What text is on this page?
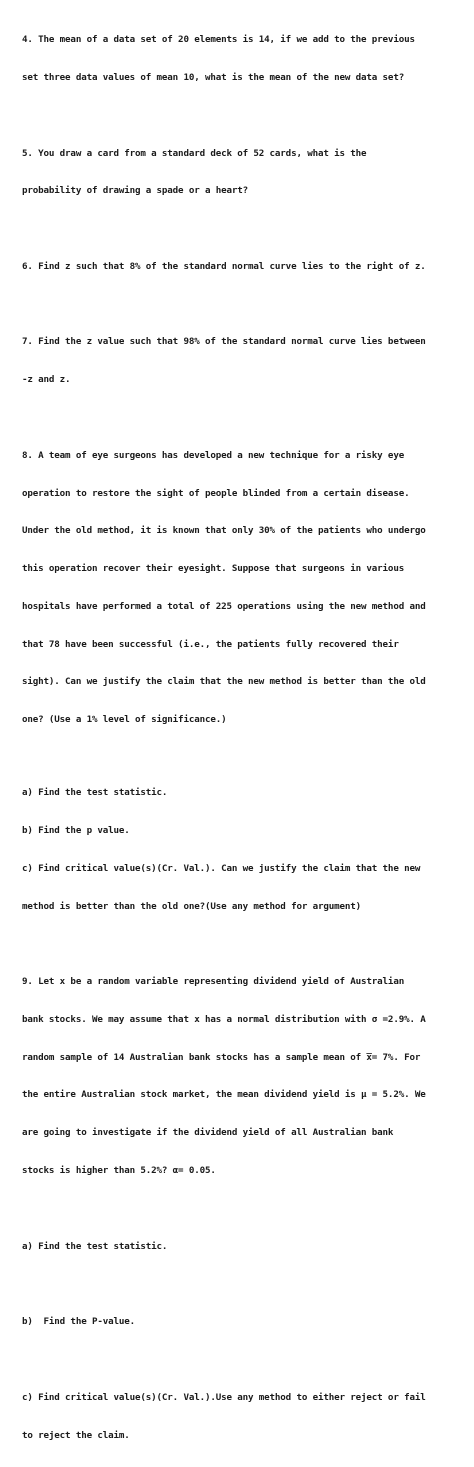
4. The mean of a data set of 20 elements is 14, if we add to the previous

set three data values of mean 10, what is the mean of the new data set?

5. You draw a card from a standard deck of 52 cards, what is the

probability of drawing a spade or a heart?

6. Find z such that 8% of the standard normal curve lies to the right of z.

7. Find the z value such that 98% of the standard normal curve lies between

-z and z.

8. A team of eye surgeons has developed a new technique for a risky eye

operation to restore the sight of people blinded from a certain disease.

Under the old method, it is known that only 30% of the patients who undergo

this operation recover their eyesight. Suppose that surgeons in various

hospitals have performed a total of 225 operations using the new method and

that 78 have been successful (i.e., the patients fully recovered their

sight). Can we justify the claim that the new method is better than the old

one? (Use a 1% level of significance.)

a) Find the test statistic.

b) Find the p value.

c) Find critical value(s)(Cr. Val.). Can we justify the claim that the new

method is better than the old one?(Use any method for argument)

9. Let x be a random variable representing dividend yield of Australian

bank stocks. We may assume that x has a normal distribution with σ =2.9%. A

random sample of 14 Australian bank stocks has a sample mean of x̅= 7%. For

the entire Australian stock market, the mean dividend yield is μ = 5.2%. We

are going to investigate if the dividend yield of all Australian bank

stocks is higher than 5.2%? α= 0.05.

a) Find the test statistic.

b)  Find the P-value.

c) Find critical value(s)(Cr. Val.).Use any method to either reject or fail

to reject the claim.
